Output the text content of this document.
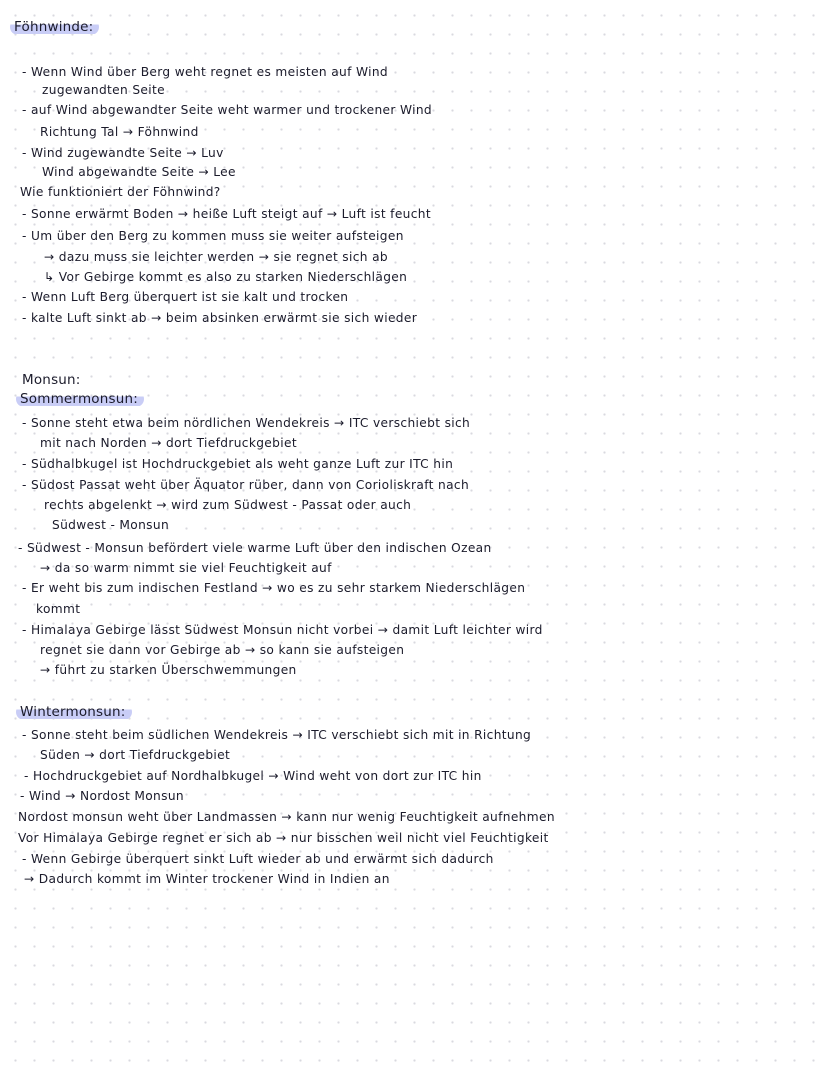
Föhnwinde:
- Wenn Wind über Berg weht regnet es meisten auf Wind
zugewandten Seite
- auf Wind abgewandter Seite weht warmer und trockener Wind
Richtung Tal → Föhnwind
- Wind zugewandte Seite → Luv
Wind abgewandte Seite → Lee
Wie funktioniert der Föhnwind?
- Sonne erwärmt Boden → heiße Luft steigt auf → Luft ist feucht
- Um über den Berg zu kommen muss sie weiter aufsteigen
→ dazu muss sie leichter werden → sie regnet sich ab
↳ Vor Gebirge kommt es also zu starken Niederschlägen
- Wenn Luft Berg überquert ist sie kalt und trocken
- kalte Luft sinkt ab → beim absinken erwärmt sie sich wieder
Monsun:
Sommermonsun:
- Sonne steht etwa beim nördlichen Wendekreis → ITC verschiebt sich
mit nach Norden → dort Tiefdruckgebiet
- Südhalbkugel ist Hochdruckgebiet als weht ganze Luft zur ITC hin
- Südost Passat weht über Äquator rüber, dann von Corioliskraft nach
rechts abgelenkt → wird zum Südwest - Passat oder auch
Südwest - Monsun
- Südwest - Monsun befördert viele warme Luft über den indischen Ozean
→ da so warm nimmt sie viel Feuchtigkeit auf
- Er weht bis zum indischen Festland → wo es zu sehr starkem Niederschlägen
kommt
- Himalaya Gebirge lässt Südwest Monsun nicht vorbei → damit Luft leichter wird
regnet sie dann vor Gebirge ab → so kann sie aufsteigen
→ führt zu starken Überschwemmungen
Wintermonsun:
- Sonne steht beim südlichen Wendekreis → ITC verschiebt sich mit in Richtung
Süden → dort Tiefdruckgebiet
- Hochdruckgebiet auf Nordhalbkugel → Wind weht von dort zur ITC hin
- Wind → Nordost Monsun
Nordost monsun weht über Landmassen → kann nur wenig Feuchtigkeit aufnehmen
Vor Himalaya Gebirge regnet er sich ab → nur bisschen weil nicht viel Feuchtigkeit
- Wenn Gebirge überquert sinkt Luft wieder ab und erwärmt sich dadurch
→ Dadurch kommt im Winter trockener Wind in Indien an
